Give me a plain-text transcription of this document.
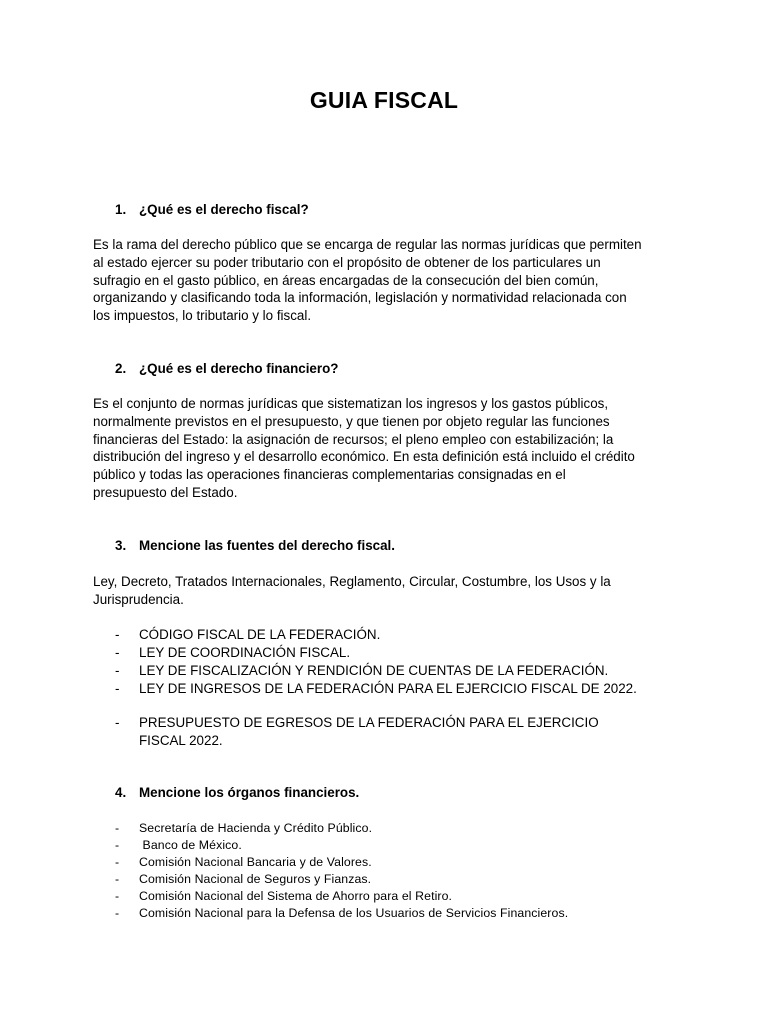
GUIA FISCAL
1. ¿Qué es el derecho fiscal?

Es la rama del derecho público que se encarga de regular las normas jurídicas que permiten
al estado ejercer su poder tributario con el propósito de obtener de los particulares un
sufragio en el gasto público, en áreas encargadas de la consecución del bien común,
organizando y clasificando toda la información, legislación y normatividad relacionada con
los impuestos, lo tributario y lo fiscal.

2. ¿Qué es el derecho financiero?

Es el conjunto de normas jurídicas que sistematizan los ingresos y los gastos públicos,
normalmente previstos en el presupuesto, y que tienen por objeto regular las funciones
financieras del Estado: la asignación de recursos; el pleno empleo con estabilización; la
distribución del ingreso y el desarrollo económico. En esta definición está incluido el crédito
público y todas las operaciones financieras complementarias consignadas en el
presupuesto del Estado.

3. Mencione las fuentes del derecho fiscal.

Ley, Decreto, Tratados Internacionales, Reglamento, Circular, Costumbre, los Usos y la
Jurisprudencia.

- CÓDIGO FISCAL DE LA FEDERACIÓN.
- LEY DE COORDINACIÓN FISCAL.
- LEY DE FISCALIZACIÓN Y RENDICIÓN DE CUENTAS DE LA FEDERACIÓN.
- LEY DE INGRESOS DE LA FEDERACIÓN PARA EL EJERCICIO FISCAL DE 2022.
- PRESUPUESTO DE EGRESOS DE LA FEDERACIÓN PARA EL EJERCICIO
FISCAL 2022.
4. Mencione los órganos financieros.
- Secretaría de Hacienda y Crédito Público.
-  Banco de México.
- Comisión Nacional Bancaria y de Valores.
- Comisión Nacional de Seguros y Fianzas.
- Comisión Nacional del Sistema de Ahorro para el Retiro.
- Comisión Nacional para la Defensa de los Usuarios de Servicios Financieros.
